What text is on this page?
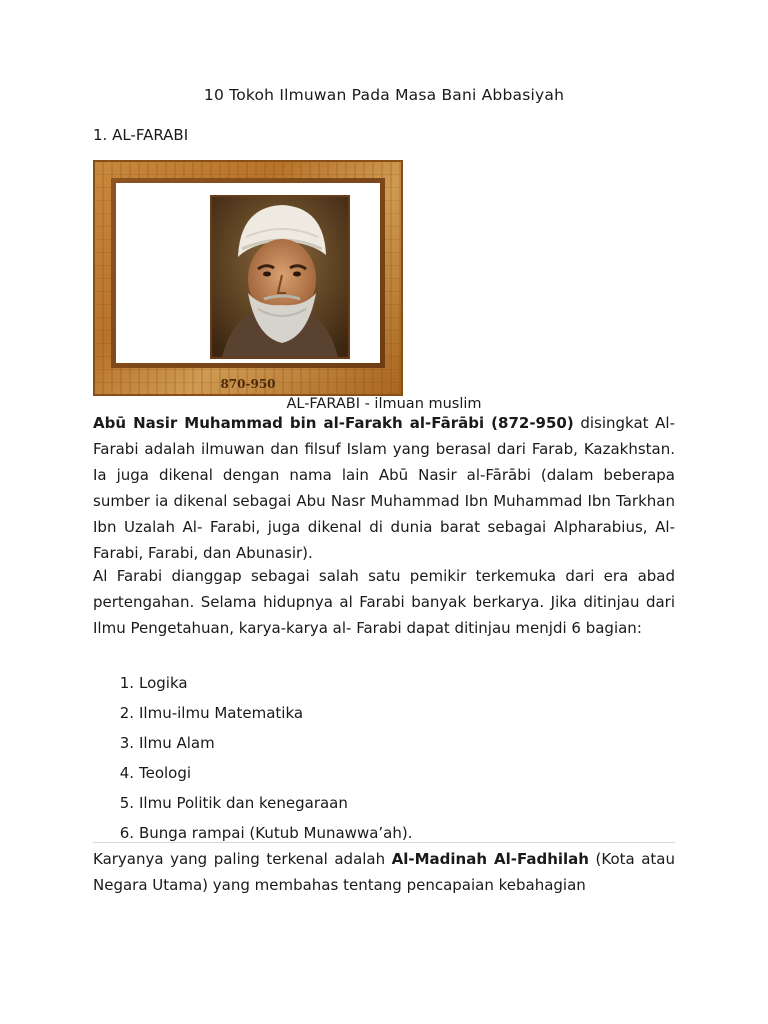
10 Tokoh Ilmuwan Pada Masa Bani Abbasiyah
1. AL-FARABI
870-950
AL-FARABI - ilmuan muslim
Abū Nasir Muhammad bin al-Farakh al-Fārābi (872-950) disingkat Al-Farabi adalah ilmuwan dan filsuf Islam yang berasal dari Farab, Kazakhstan. Ia juga dikenal dengan nama lain Abū Nasir al-Fārābi (dalam beberapa sumber ia dikenal sebagai Abu Nasr Muhammad Ibn Muhammad Ibn Tarkhan Ibn Uzalah Al- Farabi, juga dikenal di dunia barat sebagai Alpharabius, Al-Farabi, Farabi, dan Abunasir).

Al Farabi dianggap sebagai salah satu pemikir terkemuka dari era abad pertengahan. Selama hidupnya al Farabi banyak berkarya. Jika ditinjau dari Ilmu Pengetahuan, karya-karya al- Farabi dapat ditinjau menjdi 6 bagian:

1. Logika
2. Ilmu-ilmu Matematika
3. Ilmu Alam
4. Teologi
5. Ilmu Politik dan kenegaraan
6. Bunga rampai (Kutub Munawwa’ah).
Karyanya yang paling terkenal adalah Al-Madinah Al-Fadhilah (Kota atau Negara Utama) yang membahas tentang pencapaian kebahagian
